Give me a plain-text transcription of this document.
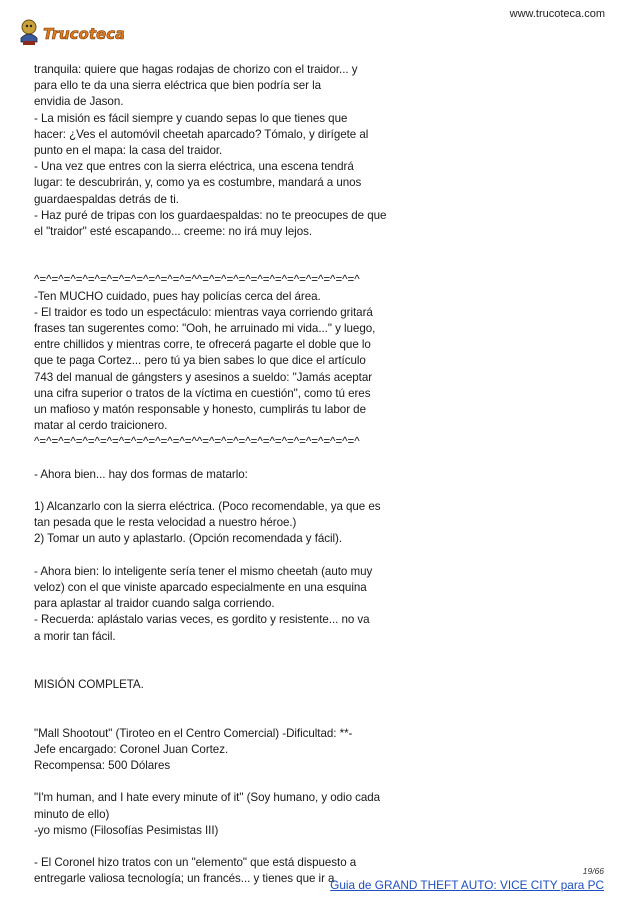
www.trucoteca.com
Trucoteca
tranquila: quiere que hagas rodajas de chorizo con el traidor... y
para ello te da una sierra eléctrica que bien podría ser la
envidia de Jason.
- La misión es fácil siempre y cuando sepas lo que tienes que
hacer: ¿Ves el automóvil cheetah aparcado? Tómalo, y dirígete al
punto en el mapa: la casa del traidor.
- Una vez que entres con la sierra eléctrica, una escena tendrá
lugar: te descubrirán, y, como ya es costumbre, mandará a unos
guardaespaldas detrás de ti.
- Haz puré de tripas con los guardaespaldas: no te preocupes de que
el "traidor" esté escapando... creeme: no irá muy lejos.
^=^=^=^=^=^=^=^=^=^=^=^=^=^^=^=^=^=^=^=^=^=^=^=^=^=^=^
-Ten MUCHO cuidado, pues hay policías cerca del área.
- El traidor es todo un espectáculo: mientras vaya corriendo gritará
frases tan sugerentes como: "Ooh, he arruinado mi vida..." y luego,
entre chillidos y mientras corre, te ofrecerá pagarte el doble que lo
que te paga Cortez... pero tú ya bien sabes lo que dice el artículo
743 del manual de gángsters y asesinos a sueldo: "Jamás aceptar
una cifra superior o tratos de la víctima en cuestión", como tú eres
un mafioso y matón responsable y honesto, cumplirás tu labor de
matar al cerdo traicionero.
^=^=^=^=^=^=^=^=^=^=^=^=^=^^=^=^=^=^=^=^=^=^=^=^=^=^=^
- Ahora bien... hay dos formas de matarlo:
1) Alcanzarlo con la sierra eléctrica. (Poco recomendable, ya que es
tan pesada que le resta velocidad a nuestro héroe.)
2) Tomar un auto y aplastarlo. (Opción recomendada y fácil).
- Ahora bien: lo inteligente sería tener el mismo cheetah (auto muy
veloz) con el que viniste aparcado especialmente en una esquina
para aplastar al traidor cuando salga corriendo.
- Recuerda: aplástalo varias veces, es gordito y resistente... no va
a morir tan fácil.
MISIÓN COMPLETA.
"Mall Shootout" (Tiroteo en el Centro Comercial) -Dificultad: **-
Jefe encargado: Coronel Juan Cortez.
Recompensa: 500 Dólares
"I'm human, and I hate every minute of it" (Soy humano, y odio cada
minuto de ello)
-yo mismo (Filosofías Pesimistas III)
- El Coronel hizo tratos con un "elemento" que está dispuesto a
entregarle valiosa tecnología; un francés... y tienes que ir a
19/66
Guia de GRAND THEFT AUTO: VICE CITY para PC
